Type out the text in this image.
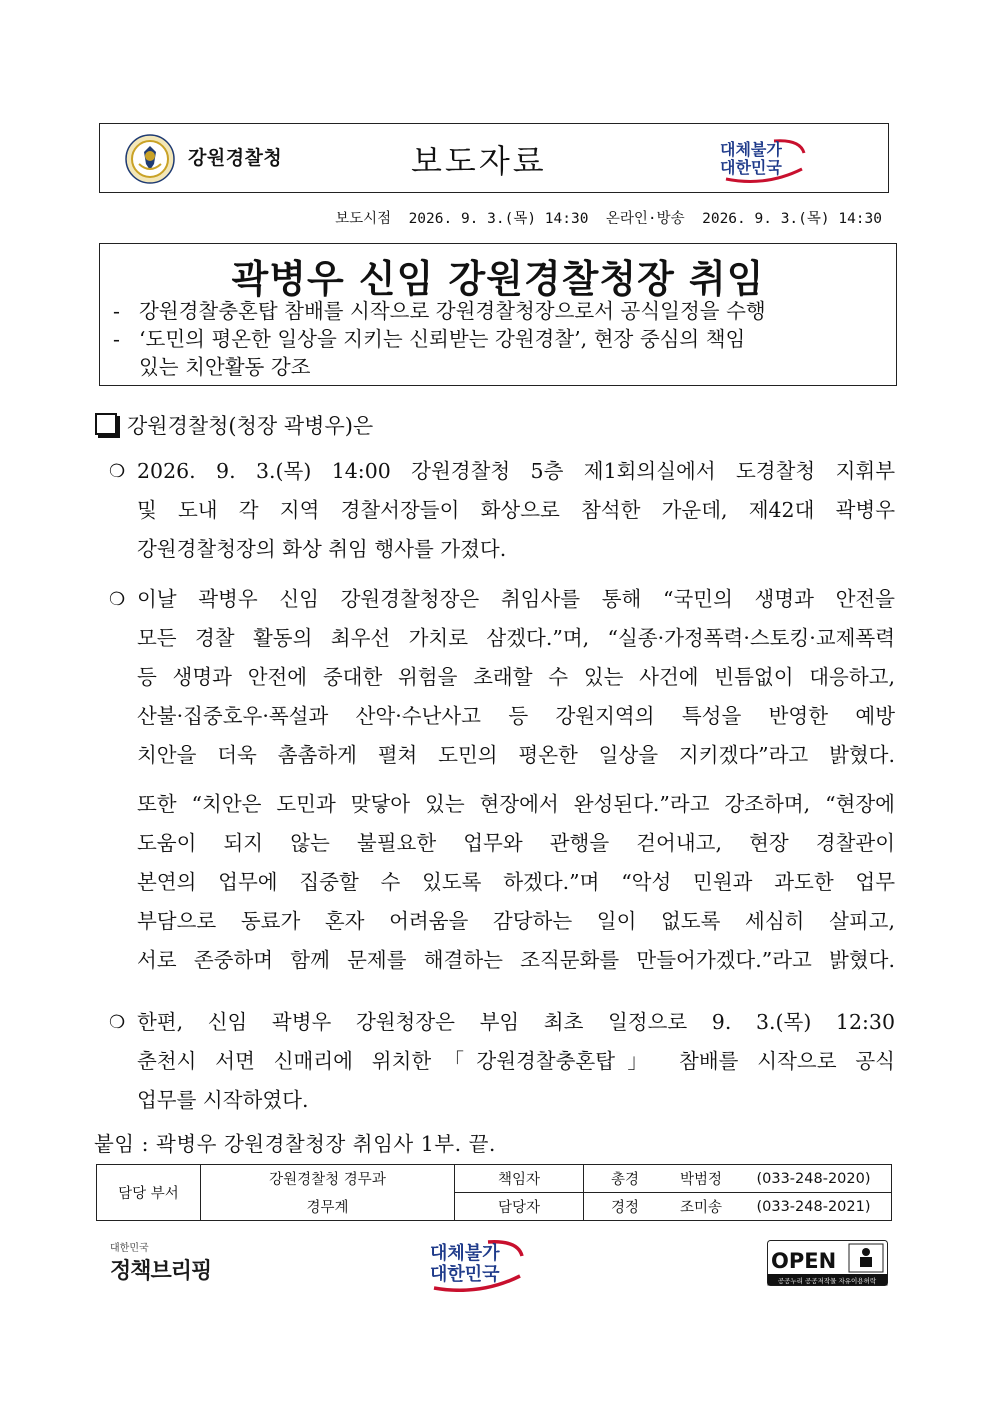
강원경찰청	보도자료	대체불가
대한민국
보도시점  2026. 9. 3.(목) 14:30  온라인·방송  2026. 9. 3.(목) 14:30
곽병우 신임 강원경찰청장 취임
- 강원경찰충혼탑 참배를 시작으로 강원경찰청장으로서 공식일정을 수행
- ‘도민의 평온한 일상을 지키는 신뢰받는 강원경찰’, 현장 중심의 책임
있는 치안활동 강조
강원경찰청(청장 곽병우)은
❍ 2026. 9. 3.(목) 14:00 강원경찰청 5층 제1회의실에서 도경찰청 지휘부
및 도내 각 지역 경찰서장들이 화상으로 참석한 가운데, 제42대 곽병우
강원경찰청장의 화상 취임 행사를 가졌다.
❍ 이날 곽병우 신임 강원경찰청장은 취임사를 통해 “국민의 생명과 안전을
모든 경찰 활동의 최우선 가치로 삼겠다.”며, “실종·가정폭력·스토킹·교제폭력
등 생명과 안전에 중대한 위험을 초래할 수 있는 사건에 빈틈없이 대응하고,
산불·집중호우·폭설과 산악·수난사고 등 강원지역의 특성을 반영한 예방
치안을 더욱 촘촘하게 펼쳐 도민의 평온한 일상을 지키겠다”라고 밝혔다.
또한 “치안은 도민과 맞닿아 있는 현장에서 완성된다.”라고 강조하며, “현장에
도움이 되지 않는 불필요한 업무와 관행을 걷어내고, 현장 경찰관이
본연의 업무에 집중할 수 있도록 하겠다.”며 “악성 민원과 과도한 업무
부담으로 동료가 혼자 어려움을 감당하는 일이 없도록 세심히 살피고,
서로 존중하며 함께 문제를 해결하는 조직문화를 만들어가겠다.”라고 밝혔다.
❍ 한편, 신임 곽병우 강원청장은 부임 최초 일정으로 9. 3.(목) 12:30
춘천시 서면 신매리에 위치한「강원경찰충혼탑」 참배를 시작으로 공식
업무를 시작하였다.
붙임 : 곽병우 강원경찰청장 취임사 1부. 끝.
담당 부서	강원경찰청 경무과	책임자	총경	박범정	(033-248-2020)
	경무계	담당자	경정	조미송	(033-248-2021)
대한민국
정책브리핑
대체불가
대한민국
OPEN
공공누리 공공저작물 자유이용허락
